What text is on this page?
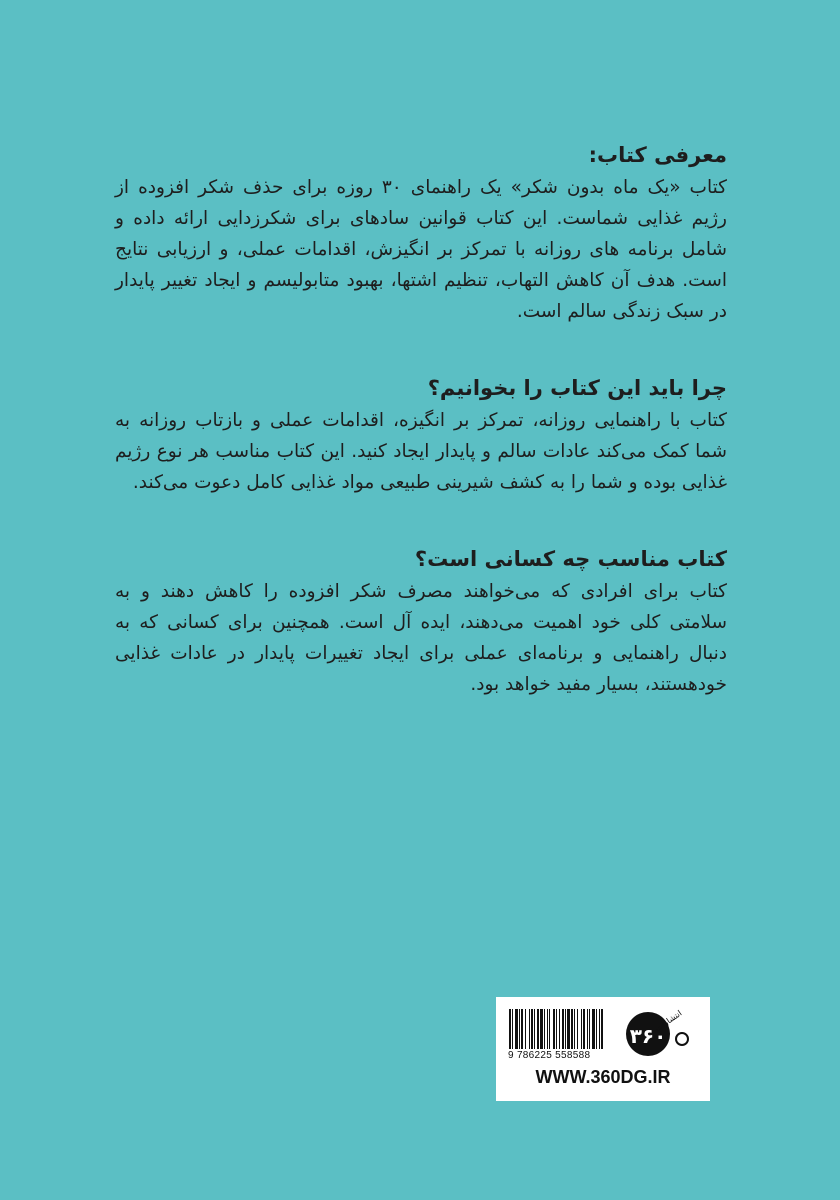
معرفی کتاب:

کتاب «یک ماه بدون شکر» یک راهنمای ۳۰ روزه برای حذف شکر افزوده از رژیم غذایی شماست. این کتاب قوانین سادهای برای شکرزدایی ارائه داده و شامل برنامه های روزانه با تمرکز بر انگیزش، اقدامات عملی، و ارزیابی نتایج است. هدف آن کاهش التهاب، تنظیم اشتها، بهبود متابولیسم و ایجاد تغییر پایدار در سبک زندگی سالم است.

چرا باید این کتاب را بخوانیم؟

کتاب با راهنمایی روزانه، تمرکز بر انگیزه، اقدامات عملی و بازتاب روزانه به شما کمک می‌کند عادات سالم و پایدار ایجاد کنید. این کتاب مناسب هر نوع رژیم غذایی بوده و شما را به کشف شیرینی طبیعی مواد غذایی کامل دعوت می‌کند.

کتاب مناسب چه کسانی است؟

کتاب برای افرادی که می‌خواهند مصرف شکر افزوده را کاهش دهند و به سلامتی کلی خود اهمیت می‌دهند، ایده آل است. همچنین برای کسانی که به دنبال راهنمایی و برنامه‌ای عملی برای ایجاد تغییرات پایدار در عادات غذایی خودهستند، بسیار مفید خواهد بود.

9 786225 558588
۳۶۰
انتشارات
WWW.360DG.IR
